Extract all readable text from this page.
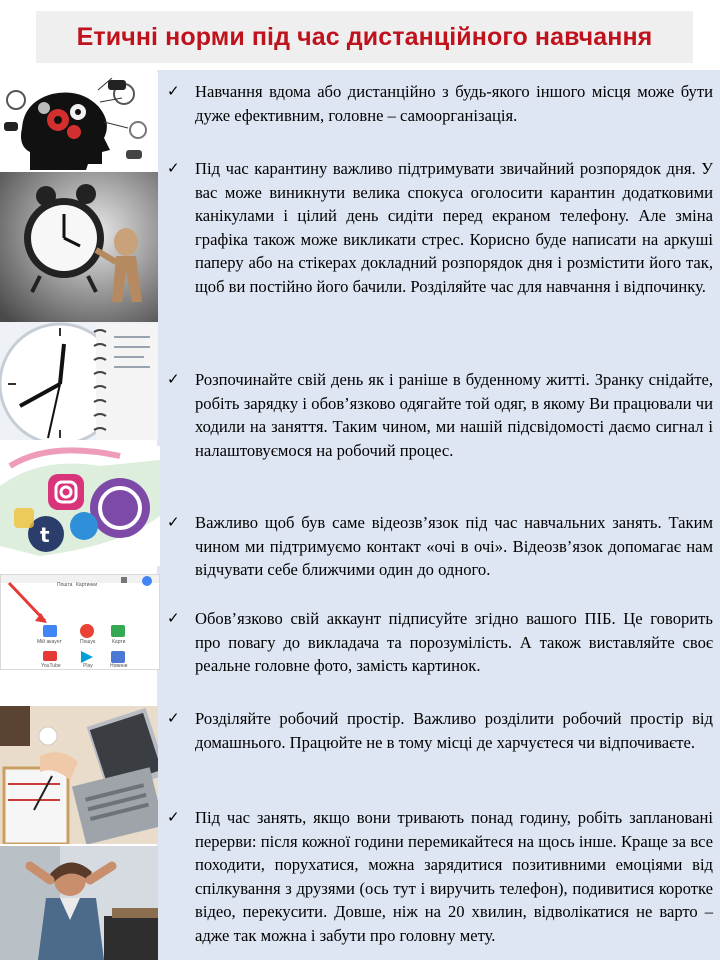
Етичні норми під час дистанційного навчання
t
Пошта Картинки
Мій акаунт	Пошук	Карти
YouTube	Play	Новини
✓ Навчання вдома або дистанційно з будь-якого іншого місця може бути дуже ефективним, головне – самоорганізація.

✓ Під час карантину важливо підтримувати звичайний розпорядок дня. У вас може виникнути велика спокуса оголосити карантин додатковими канікулами і цілий день сидіти перед екраном телефону. Але зміна графіка також може викликати стрес. Корисно буде написати на аркуші паперу або на стікерах докладний розпорядок дня і розмістити його так, щоб ви постійно його бачили. Розділяйте час для навчання і відпочинку.

✓ Розпочинайте свій день як і раніше в буденному житті. Зранку снідайте, робіть зарядку і обов’язково одягайте той одяг, в якому Ви працювали чи ходили на заняття. Таким чином, ми нашій підсвідомості даємо сигнал і налаштовуємося на робочий процес.

✓ Важливо щоб був саме відеозв’язок під час навчальних занять. Таким чином ми підтримуємо контакт «очі в очі». Відеозв’язок допомагає нам відчувати себе ближчими один до одного.

✓ Обов’язково свій аккаунт підписуйте згідно вашого ПІБ. Це говорить про повагу до викладача та порозуміліcть. А також виставляйте своє реальне головне фото, замість картинок.

✓ Розділяйте робочий простір. Важливо розділити робочий простір від домашнього. Працюйте не в тому місці де харчуєтеся чи відпочиваєте.

✓ Під час занять, якщо вони тривають понад годину, робіть заплановані перерви: після кожної години перемикайтеся на щось інше. Краще за все походити, порухатися, можна зарядитися позитивними емоціями від спілкування з друзями (ось тут і виручить телефон), подивитися коротке відео, перекусити. Довше, ніж на 20 хвилин, відволікатися не варто – адже так можна і забути про головну мету.
